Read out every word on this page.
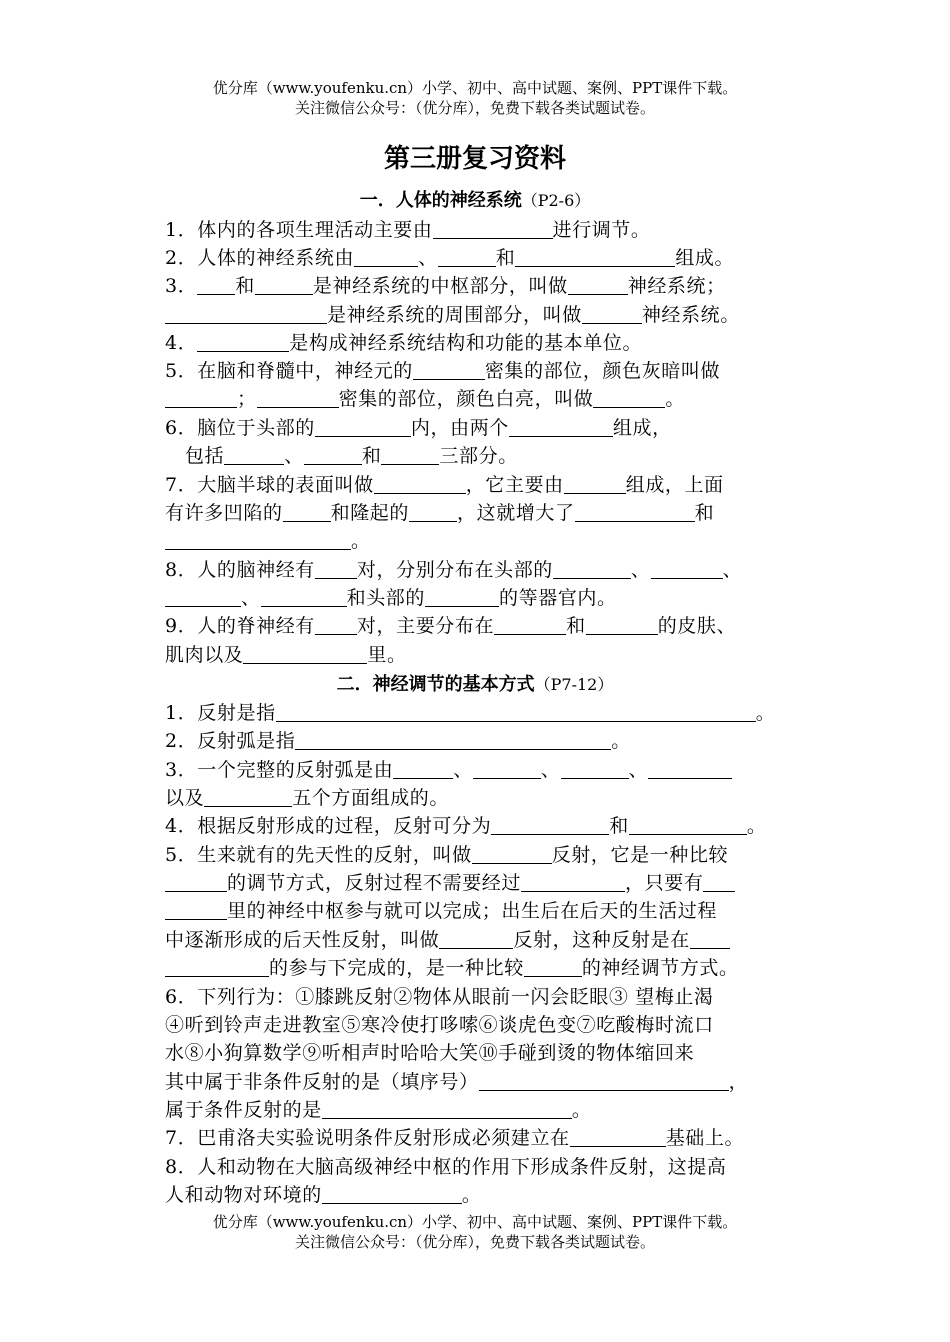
优分库（www.youfenku.cn）小学、初中、高中试题、案例、PPT课件下载。
关注微信公众号：（优分库），免费下载各类试题试卷。
第三册复习资料
一．人体的神经系统（P2-6）
1．体内的各项生理活动主要由	进行调节。
2．人体的神经系统由	、	和	组成。
3． 和	是神经系统的中枢部分，叫做	神经系统；
是神经系统的周围部分，叫做	神经系统。
4．	是构成神经系统结构和功能的基本单位。
5．在脑和脊髓中，神经元的	密集的部位，颜色灰暗叫做
；	密集的部位，颜色白亮，叫做	。
6．脑位于头部的	内，由两个	组成，
包括	、	和	三部分。
7．大脑半球的表面叫做	，它主要由	组成，上面
有许多凹陷的	和隆起的	，这就增大了	和
。
8．人的脑神经有 对，分别分布在头部的	、	、
、	和头部的	的等器官内。
9．人的脊神经有 对，主要分布在	和	的皮肤、
肌肉以及	里。
二．神经调节的基本方式（P7-12）
1．反射是指	。
2．反射弧是指	。
3．一个完整的反射弧是由	、	、	、
以及	五个方面组成的。
4．根据反射形成的过程，反射可分为	和	。
5．生来就有的先天性的反射，叫做	反射，它是一种比较
的调节方式，反射过程不需要经过	，只要有
里的神经中枢参与就可以完成；出生后在后天的生活过程
中逐渐形成的后天性反射，叫做	反射，这种反射是在
的参与下完成的，是一种比较	的神经调节方式。
6．下列行为：①膝跳反射②物体从眼前一闪会眨眼③ 望梅止渴
④听到铃声走进教室⑤寒冷使打哆嗦⑥谈虎色变⑦吃酸梅时流口
水⑧小狗算数学⑨听相声时哈哈大笑⑩手碰到烫的物体缩回来
其中属于非条件反射的是（填序号）	，
属于条件反射的是	。
7．巴甫洛夫实验说明条件反射形成必须建立在	基础上。
8．人和动物在大脑高级神经中枢的作用下形成条件反射，这提高
人和动物对环境的	。
优分库（www.youfenku.cn）小学、初中、高中试题、案例、PPT课件下载。
关注微信公众号：（优分库），免费下载各类试题试卷。
